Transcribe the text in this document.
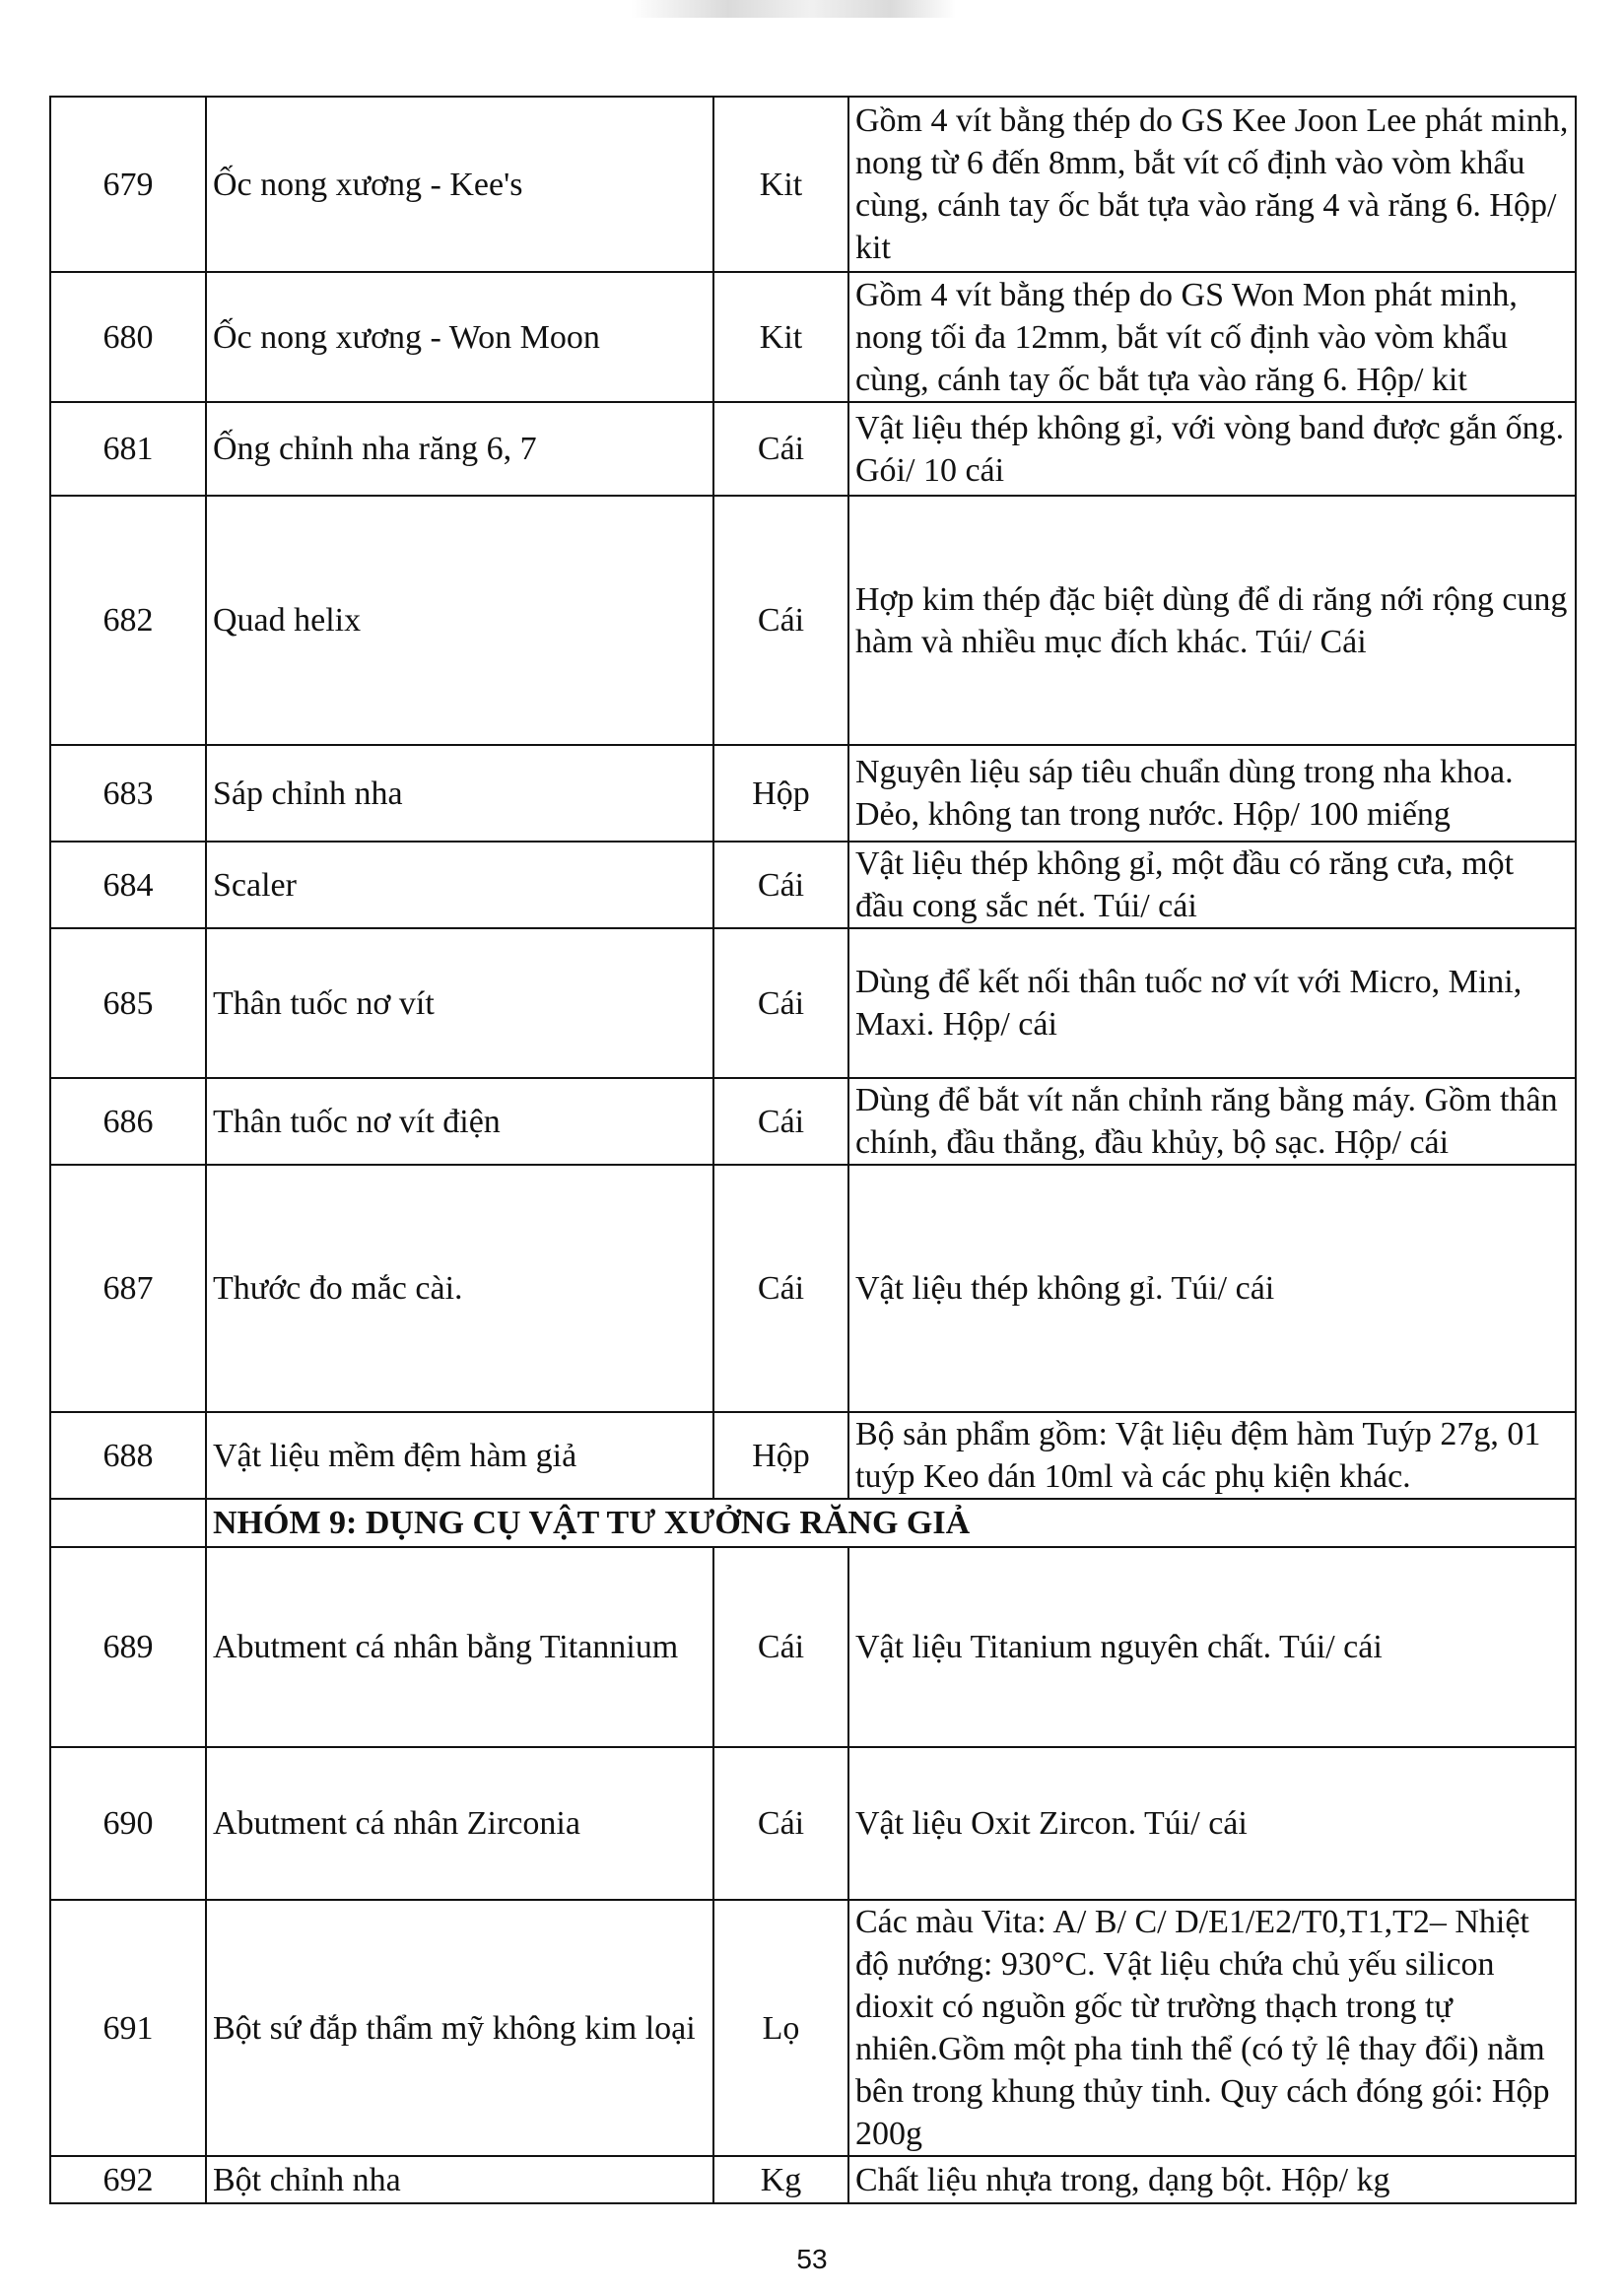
679	Ốc nong xương - Kee's	Kit	Gồm 4 vít bằng thép do GS Kee Joon Lee phát minh, nong từ 6 đến 8mm, bắt vít cố định vào vòm khẩu cùng, cánh tay ốc bắt tựa vào răng 4 và răng 6. Hộp/ kit
680	Ốc nong xương - Won Moon	Kit	Gồm 4 vít bằng thép do GS Won Mon phát minh, nong tối đa 12mm, bắt vít cố định vào vòm khẩu cùng, cánh tay ốc bắt tựa vào răng 6. Hộp/ kit
681	Ống chỉnh nha răng 6, 7	Cái	Vật liệu thép không gỉ, với vòng band được gắn ống. Gói/ 10 cái
682	Quad helix	Cái	Hợp kim thép đặc biệt dùng để di răng nới rộng cung hàm và nhiều mục đích khác. Túi/ Cái
683	Sáp chỉnh nha	Hộp	Nguyên liệu sáp tiêu chuẩn dùng trong nha khoa. Dẻo, không tan trong nước. Hộp/ 100 miếng
684	Scaler	Cái	Vật liệu thép không gỉ, một đầu có răng cưa, một đầu cong sắc nét. Túi/ cái
685	Thân tuốc nơ vít	Cái	Dùng để kết nối thân tuốc nơ vít với Micro, Mini, Maxi. Hộp/ cái
686	Thân tuốc nơ vít điện	Cái	Dùng để bắt vít nắn chỉnh răng bằng máy. Gồm thân chính, đầu thẳng, đầu khủy, bộ sạc. Hộp/ cái
687	Thước đo mắc cài.	Cái	Vật liệu thép không gỉ. Túi/ cái
688	Vật liệu mềm đệm hàm giả	Hộp	Bộ sản phẩm gồm: Vật liệu đệm hàm Tuýp 27g, 01 tuýp Keo dán 10ml và các phụ kiện khác.
	NHÓM 9: DỤNG CỤ VẬT TƯ XƯỞNG RĂNG GIẢ		
689	Abutment cá nhân bằng Titannium	Cái	Vật liệu Titanium nguyên chất. Túi/ cái
690	Abutment cá nhân Zirconia	Cái	Vật liệu Oxit Zircon. Túi/ cái
691	Bột sứ đắp thẩm mỹ không kim loại	Lọ	Các màu Vita: A/ B/ C/ D/E1/E2/T0,T1,T2– Nhiệt độ nướng: 930°C. Vật liệu chứa chủ yếu silicon dioxit có nguồn gốc từ trường thạch trong tự nhiên.Gồm một pha tinh thể (có tỷ lệ thay đổi) nằm bên trong khung thủy tinh. Quy cách đóng gói: Hộp 200g
692	Bột chỉnh nha	Kg	Chất liệu nhựa trong, dạng bột. Hộp/ kg
53
